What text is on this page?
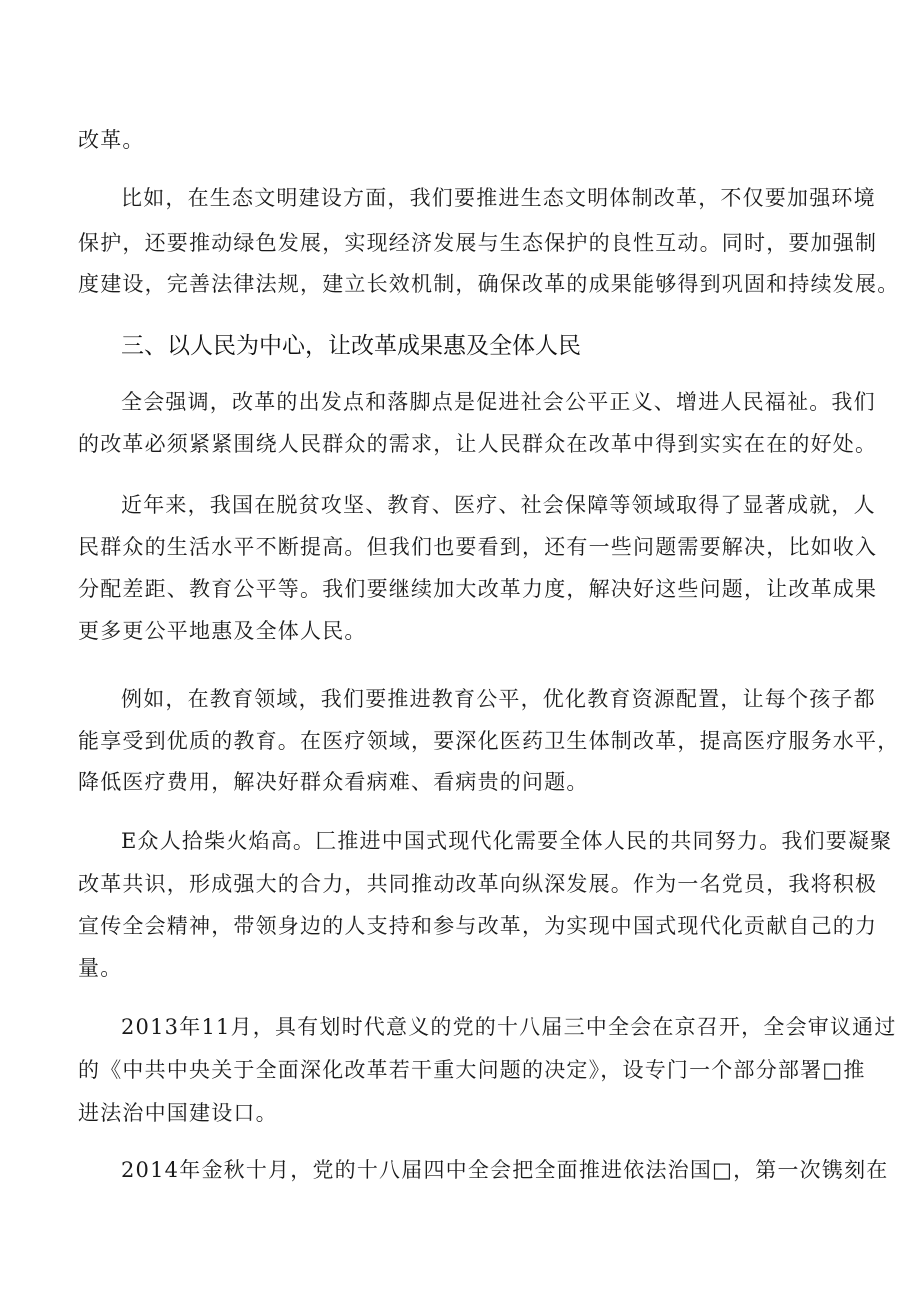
改革。
比如，在生态文明建设方面，我们要推进生态文明体制改革，不仅要加强环境
保护，还要推动绿色发展，实现经济发展与生态保护的良性互动。同时，要加强制
度建设，完善法律法规，建立长效机制，确保改革的成果能够得到巩固和持续发展。
三、以人民为中心，让改革成果惠及全体人民
全会强调，改革的出发点和落脚点是促进社会公平正义、增进人民福祉。我们
的改革必须紧紧围绕人民群众的需求，让人民群众在改革中得到实实在在的好处。
近年来，我国在脱贫攻坚、教育、医疗、社会保障等领域取得了显著成就，人
民群众的生活水平不断提高。但我们也要看到，还有一些问题需要解决，比如收入
分配差距、教育公平等。我们要继续加大改革力度，解决好这些问题，让改革成果
更多更公平地惠及全体人民。
例如，在教育领域，我们要推进教育公平，优化教育资源配置，让每个孩子都
能享受到优质的教育。在医疗领域，要深化医药卫生体制改革，提高医疗服务水平，
降低医疗费用，解决好群众看病难、看病贵的问题。
E众人拾柴火焰高。匚推进中国式现代化需要全体人民的共同努力。我们要凝聚
改革共识，形成强大的合力，共同推动改革向纵深发展。作为一名党员，我将积极
宣传全会精神，带领身边的人支持和参与改革，为实现中国式现代化贡献自己的力
量。
2013年11月，具有划时代意义的党的十八届三中全会在京召开，全会审议通过
的《中共中央关于全面深化改革若干重大问题的决定》，设专门一个部分部署□推
进法治中国建设口。
2014年金秋十月，党的十八届四中全会把全面推进依法治国□，第一次镌刻在
